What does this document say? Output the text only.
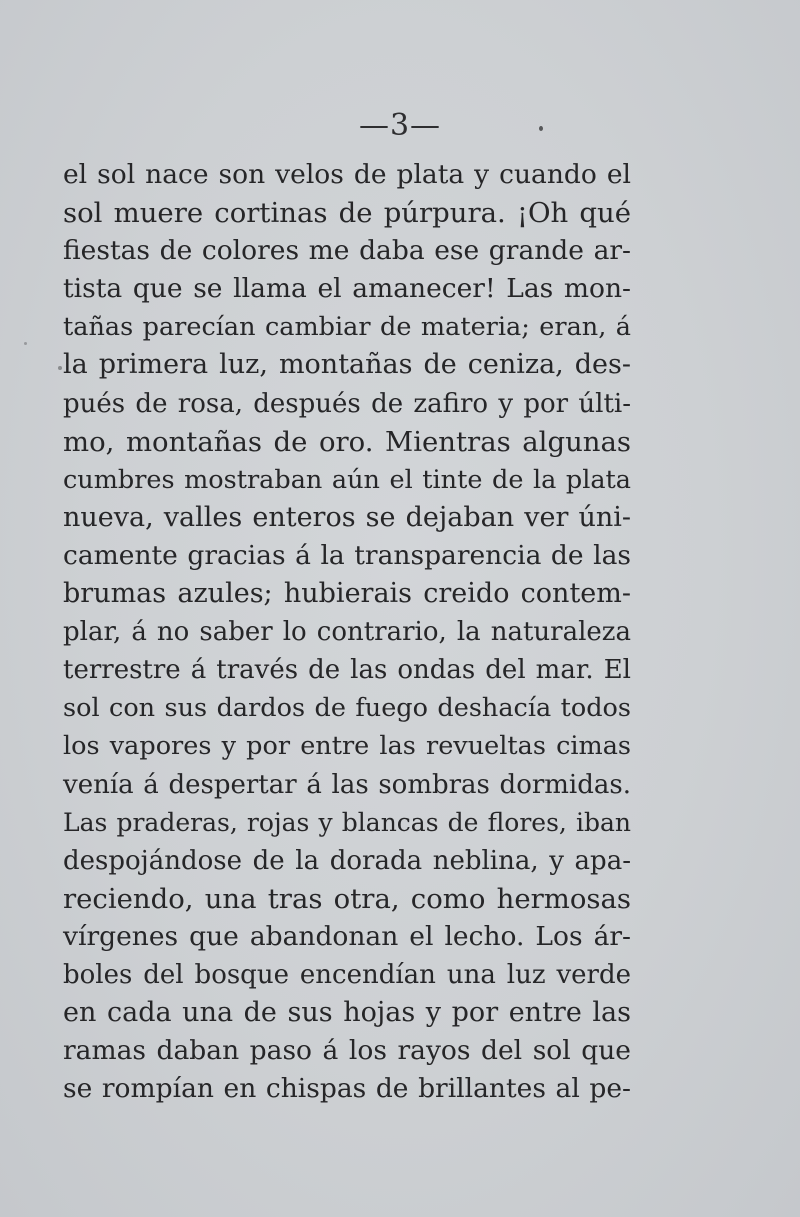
—3—
el sol nace son velos de plata y cuando el
sol muere cortinas de púrpura. ¡Oh qué
fiestas de colores me daba ese grande ar-
tista que se llama el amanecer! Las mon-
tañas parecían cambiar de materia; eran, á
la primera luz, montañas de ceniza, des-
pués de rosa, después de zafiro y por últi-
mo, montañas de oro. Mientras algunas
cumbres mostraban aún el tinte de la plata
nueva, valles enteros se dejaban ver úni-
camente gracias á la transparencia de las
brumas azules; hubierais creido contem-
plar, á no saber lo contrario, la naturaleza
terrestre á través de las ondas del mar. El
sol con sus dardos de fuego deshacía todos
los vapores y por entre las revueltas cimas
venía á despertar á las sombras dormidas.
Las praderas, rojas y blancas de flores, iban
despojándose de la dorada neblina, y apa-
reciendo, una tras otra, como hermosas
vírgenes que abandonan el lecho. Los ár-
boles del bosque encendían una luz verde
en cada una de sus hojas y por entre las
ramas daban paso á los rayos del sol que
se rompían en chispas de brillantes al pe-
